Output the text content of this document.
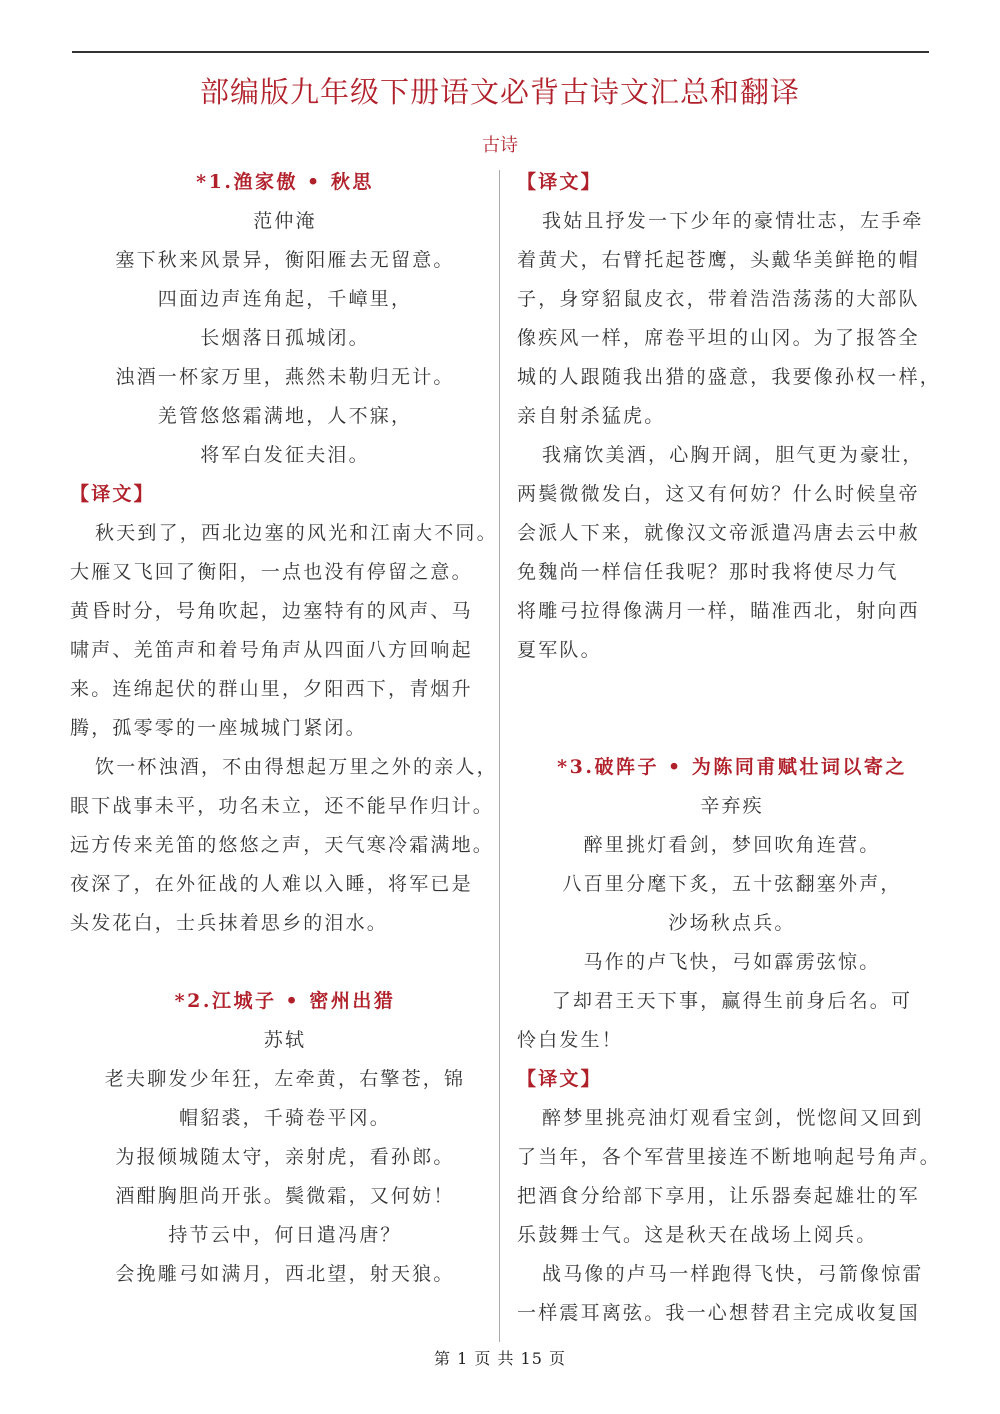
部编版九年级下册语文必背古诗文汇总和翻译
古诗
*1.渔家傲 • 秋思
范仲淹
塞下秋来风景异，衡阳雁去无留意。
四面边声连角起，千嶂里，
长烟落日孤城闭。
浊酒一杯家万里，燕然未勒归无计。
羌管悠悠霜满地，人不寐，
将军白发征夫泪。
【译文】
秋天到了，西北边塞的风光和江南大不同。
大雁又飞回了衡阳，一点也没有停留之意。
黄昏时分，号角吹起，边塞特有的风声、马
啸声、羌笛声和着号角声从四面八方回响起
来。连绵起伏的群山里，夕阳西下，青烟升
腾，孤零零的一座城城门紧闭。
饮一杯浊酒，不由得想起万里之外的亲人，
眼下战事未平，功名未立，还不能早作归计。
远方传来羌笛的悠悠之声，天气寒冷霜满地。
夜深了，在外征战的人难以入睡，将军已是
头发花白，士兵抹着思乡的泪水。
*2.江城子 • 密州出猎
苏轼
老夫聊发少年狂，左牵黄，右擎苍，锦
帽貂裘，千骑卷平冈。
为报倾城随太守，亲射虎，看孙郎。
酒酣胸胆尚开张。鬓微霜，又何妨！
持节云中，何日遣冯唐？
会挽雕弓如满月，西北望，射天狼。
【译文】
我姑且抒发一下少年的豪情壮志，左手牵
着黄犬，右臂托起苍鹰，头戴华美鲜艳的帽
子，身穿貂鼠皮衣，带着浩浩荡荡的大部队
像疾风一样，席卷平坦的山冈。为了报答全
城的人跟随我出猎的盛意，我要像孙权一样，
亲自射杀猛虎。
我痛饮美酒，心胸开阔，胆气更为豪壮，
两鬓微微发白，这又有何妨？什么时候皇帝
会派人下来，就像汉文帝派遣冯唐去云中赦
免魏尚一样信任我呢？那时我将使尽力气
将雕弓拉得像满月一样，瞄准西北，射向西
夏军队。
*3.破阵子 • 为陈同甫赋壮词以寄之
辛弃疾
醉里挑灯看剑，梦回吹角连营。
八百里分麾下炙，五十弦翻塞外声，
沙场秋点兵。
马作的卢飞快，弓如霹雳弦惊。
了却君王天下事，赢得生前身后名。可
怜白发生！
【译文】
醉梦里挑亮油灯观看宝剑，恍惚间又回到
了当年，各个军营里接连不断地响起号角声。
把酒食分给部下享用，让乐器奏起雄壮的军
乐鼓舞士气。这是秋天在战场上阅兵。
战马像的卢马一样跑得飞快，弓箭像惊雷
一样震耳离弦。我一心想替君主完成收复国
第 1 页 共 15 页
